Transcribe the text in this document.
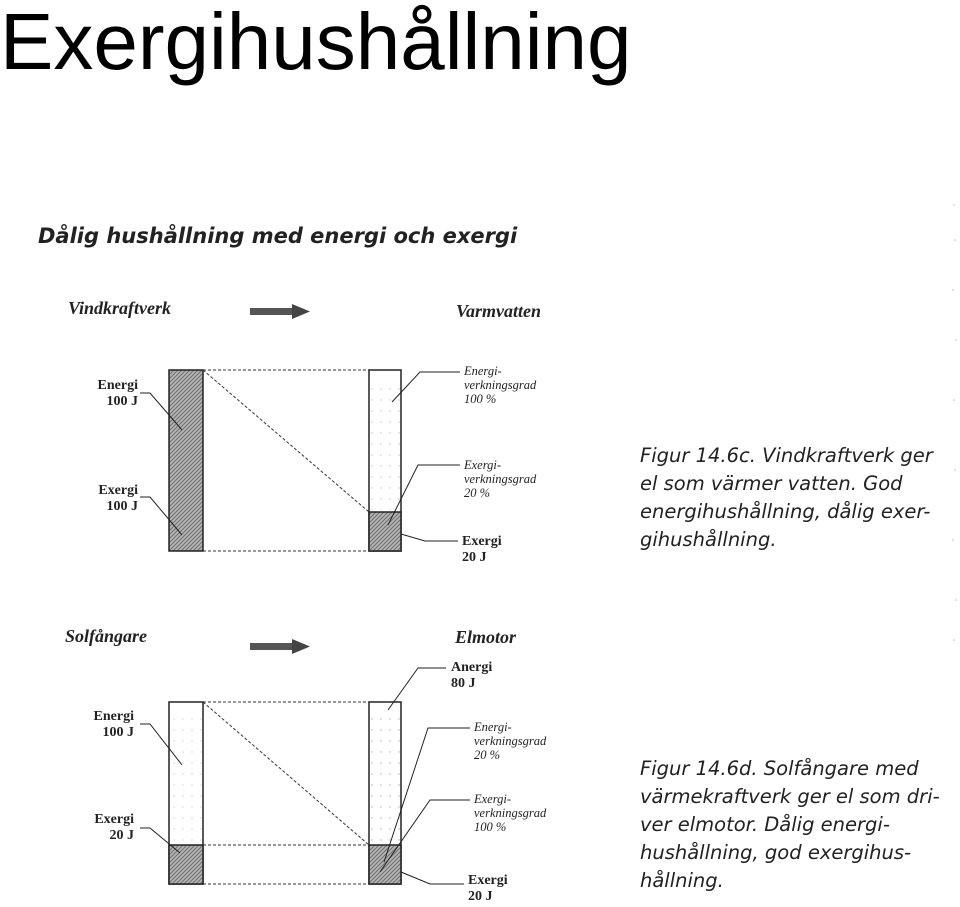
Exergihushållning
Dålig hushållning med energi och exergi
Vindkraftverk	Varmvatten
Energi
100 J
Exergi
100 J
Energi-
verkningsgrad
100 %
Exergi-
verkningsgrad
20 %
Exergi
20 J
Figur 14.6c. Vindkraftverk ger
el som värmer vatten. God
energihushållning, dålig exer-
gihushållning.
Solfångare	Elmotor
Energi
100 J
Exergi
20 J
Anergi
80 J
Energi-
verkningsgrad
20 %
Exergi-
verkningsgrad
100 %
Exergi
20 J
Figur 14.6d. Solfångare med
värmekraftverk ger el som dri-
ver elmotor. Dålig energi-
hushållning, god exergihus-
hållning.
